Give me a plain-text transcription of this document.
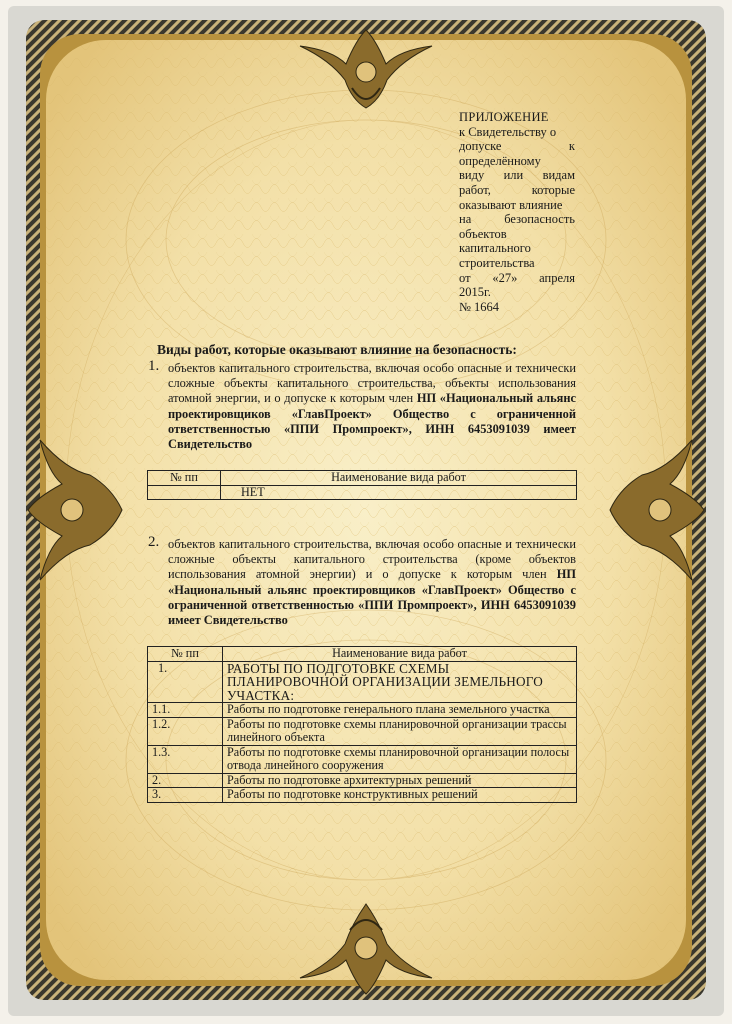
ПРИЛОЖЕНИЕ
к Свидетельству о
допуске к
определённому
виду или видам
работ, которые
оказывают влияние
на безопасность
объектов
капитального
строительства
от «27» апреля
2015г.
№ 1664
Виды работ, которые оказывают влияние на безопасность:
1. объектов капитального строительства, включая особо опасные и технически сложные объекты капитального строительства, объекты использования атомной энергии, и о допуске к которым член НП «Национальный альянс проектировщиков «ГлавПроект» Общество с ограниченной ответственностью «ППИ Промпроект», ИНН 6453091039 имеет Свидетельство
№ пп	Наименование вида работ
	НЕТ
2. объектов капитального строительства, включая особо опасные и технически сложные объекты капитального строительства (кроме объектов использования атомной энергии) и о допуске к которым член НП «Национальный альянс проектировщиков «ГлавПроект» Общество с ограниченной ответственностью «ППИ Промпроект», ИНН 6453091039 имеет Свидетельство
№ пп	Наименование вида работ
1.	РАБОТЫ ПО ПОДГОТОВКЕ СХЕМЫ ПЛАНИРОВОЧНОЙ ОРГАНИЗАЦИИ ЗЕМЕЛЬНОГО УЧАСТКА:
1.1.	Работы по подготовке генерального плана земельного участка
1.2.	Работы по подготовке схемы планировочной организации трассы линейного объекта
1.3.	Работы по подготовке схемы планировочной организации полосы отвода линейного сооружения
2.	Работы по подготовке архитектурных решений
3.	Работы по подготовке конструктивных решений
